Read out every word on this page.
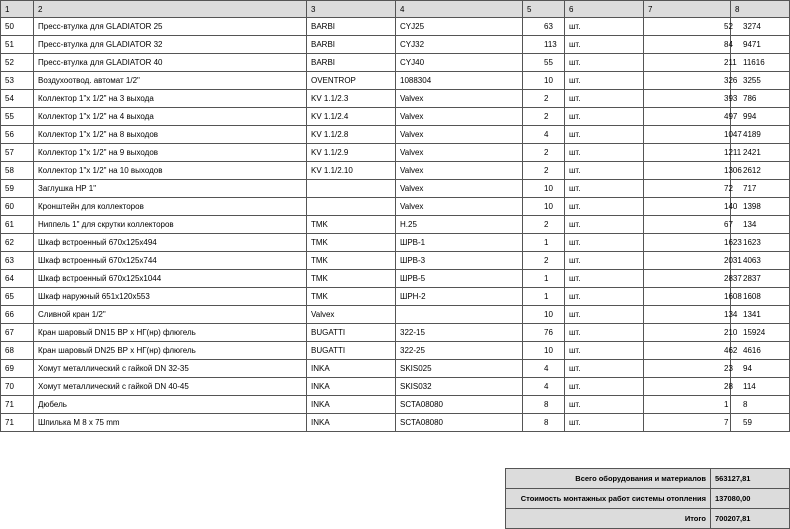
1	2	3	4	5	6	7	8
50	Пресс-втулка для GLADIATOR 25	BARBI	CYJ25	63	шт.	52	3274
51	Пресс-втулка для GLADIATOR 32	BARBI	CYJ32	113	шт.	84	9471
52	Пресс-втулка для GLADIATOR 40	BARBI	CYJ40	55	шт.	211	11616
53	Воздухоотвод. автомат 1/2"	OVENTROP	1088304	10	шт.	326	3255
54	Коллектор 1"х 1/2" на 3 выхода	KV 1.1/2.3	Valvex	2	шт.	393	786
55	Коллектор 1"х 1/2" на 4 выхода	KV 1.1/2.4	Valvex	2	шт.	497	994
56	Коллектор 1"х 1/2" на 8 выходов	KV 1.1/2.8	Valvex	4	шт.	1047	4189
57	Коллектор 1"х 1/2" на 9 выходов	KV 1.1/2.9	Valvex	2	шт.	1211	2421
58	Коллектор 1"х 1/2" на 10 выходов	KV 1.1/2.10	Valvex	2	шт.	1306	2612
59	Заглушка НР 1"		Valvex	10	шт.	72	717
60	Кронштейн для коллекторов		Valvex	10	шт.	140	1398
61	Ниппель 1" для скрутки коллекторов	TMK	H.25	2	шт.	67	134
62	Шкаф встроенный 670х125х494	TMK	ШРВ-1	1	шт.	1623	1623
63	Шкаф встроенный 670х125х744	TMK	ШРВ-3	2	шт.	2031	4063
64	Шкаф встроенный 670х125х1044	TMK	ШРВ-5	1	шт.	2837	2837
65	Шкаф наружный 651х120х553	TMK	ШРН-2	1	шт.	1608	1608
66	Сливной кран 1/2"	Valvex		10	шт.	134	1341
67	Кран шаровый DN15 ВР х НГ(нр) флюгель	BUGATTI	322-15	76	шт.	210	15924
68	Кран шаровый DN25 ВР х НГ(нр) флюгель	BUGATTI	322-25	10	шт.	462	4616
69	Хомут металлический с гайкой DN 32-35	INKA	SKIS025	4	шт.	23	94
70	Хомут металлический с гайкой DN 40-45	INKA	SKIS032	4	шт.	28	114
71	Дюбель	INKA	SCTA08080	8	шт.	1	8
71	Шпилька М 8 х 75 mm	INKA	SCTA08080	8	шт.	7	59
Всего оборудования и материалов	563127,81
Стоимость монтажных работ системы отопления	137080,00
Итого	700207,81
